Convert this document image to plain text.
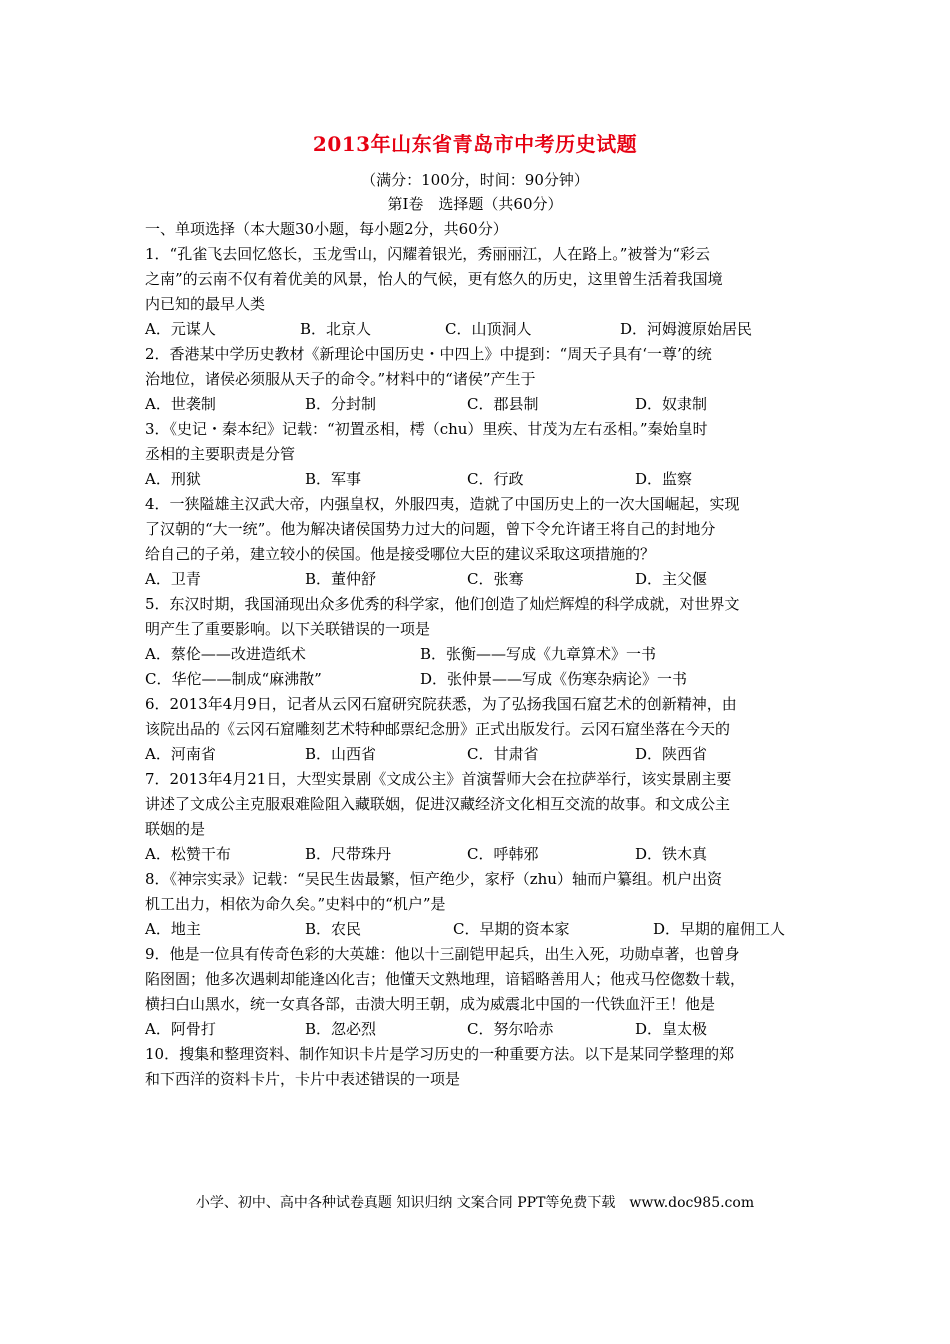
2013年山东省青岛市中考历史试题
（满分：100分，时间：90分钟）
第Ⅰ卷　选择题（共60分）
一、单项选择（本大题30小题，每小题2分，共60分）
1．“孔雀飞去回忆悠长，玉龙雪山，闪耀着银光，秀丽丽江，人在路上。”被誉为“彩云
之南”的云南不仅有着优美的风景，怡人的气候，更有悠久的历史，这里曾生活着我国境
内已知的最早人类
A．元谋人	B．北京人	C．山顶洞人	D．河姆渡原始居民
2．香港某中学历史教材《新理论中国历史・中四上》中提到：“周天子具有‘一尊’的统
治地位，诸侯必须服从天子的命令。”材料中的“诸侯”产生于
A．世袭制	B．分封制	C．郡县制	D．奴隶制
3．《史记・秦本纪》记载：“初置丞相，樗（chu）里疾、甘茂为左右丞相。”秦始皇时
丞相的主要职责是分管
A．刑狱	B．军事	C．行政	D．监察
4．一狭隘雄主汉武大帝，内强皇权，外服四夷，造就了中国历史上的一次大国崛起，实现
了汉朝的“大一统”。他为解决诸侯国势力过大的问题，曾下令允许诸王将自己的封地分
给自己的子弟，建立较小的侯国。他是接受哪位大臣的建议采取这项措施的？
A．卫青	B．董仲舒	C．张骞	D．主父偃
5．东汉时期，我国涌现出众多优秀的科学家，他们创造了灿烂辉煌的科学成就，对世界文
明产生了重要影响。以下关联错误的一项是
A．蔡伦——改进造纸术	B．张衡——写成《九章算术》一书
C．华佗——制成“麻沸散”	D．张仲景——写成《伤寒杂病论》一书
6．2013年4月9日，记者从云冈石窟研究院获悉，为了弘扬我国石窟艺术的创新精神，由
该院出品的《云冈石窟雕刻艺术特种邮票纪念册》正式出版发行。云冈石窟坐落在今天的
A．河南省	B．山西省	C．甘肃省	D．陕西省
7．2013年4月21日，大型实景剧《文成公主》首演誓师大会在拉萨举行，该实景剧主要
讲述了文成公主克服艰难险阻入藏联姻，促进汉藏经济文化相互交流的故事。和文成公主
联姻的是
A．松赞干布	B．尺带珠丹	C．呼韩邪	D．铁木真
8．《神宗实录》记载：“吴民生齿最繁，恒产绝少，家杼（zhu）轴而户纂组。机户出资
机工出力，相依为命久矣。”史料中的“机户”是
A．地主	B．农民	C．早期的资本家	D．早期的雇佣工人
9．他是一位具有传奇色彩的大英雄：他以十三副铠甲起兵，出生入死，功勋卓著，也曾身
陷囹圄；他多次遇刺却能逢凶化吉；他懂天文熟地理，谙韬略善用人；他戎马倥偬数十载，
横扫白山黑水，统一女真各部，击溃大明王朝，成为威震北中国的一代铁血汗王！他是
A．阿骨打	B．忽必烈	C．努尔哈赤	D．皇太极
10．搜集和整理资料、制作知识卡片是学习历史的一种重要方法。以下是某同学整理的郑
和下西洋的资料卡片，卡片中表述错误的一项是
小学、初中、高中各种试卷真题 知识归纳 文案合同 PPT等免费下载　www.doc985.com
